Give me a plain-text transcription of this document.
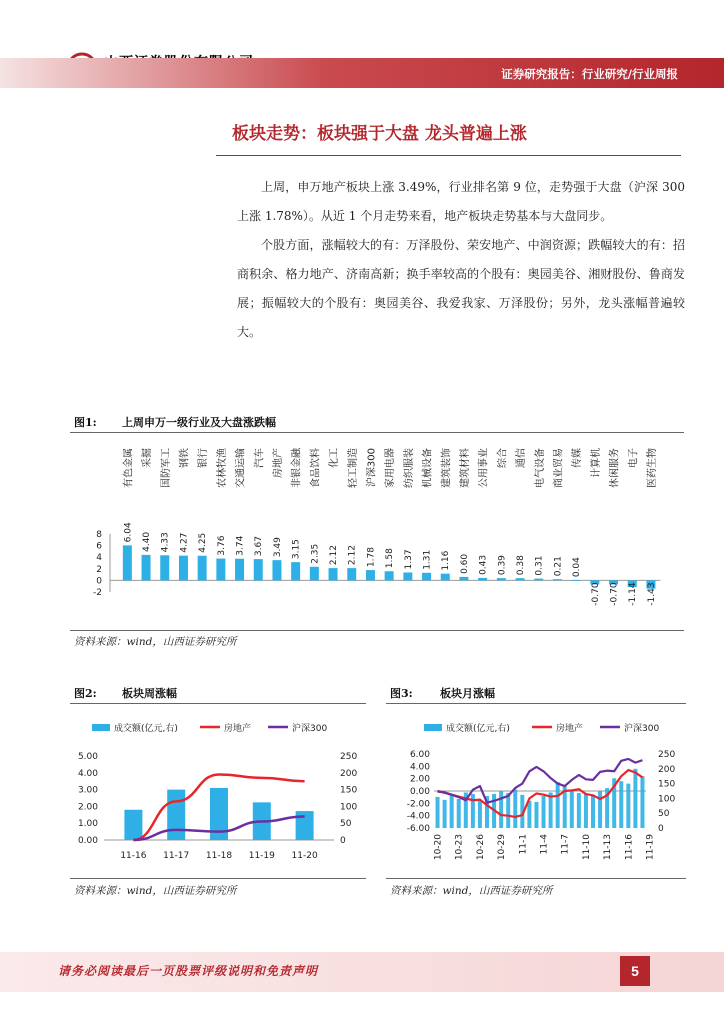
证券研究报告：行业研究/行业周报
板块走势：板块强于大盘 龙头普遍上涨
上周，申万地产板块上涨 3.49%，行业排名第 9 位，走势强于大盘（沪深 300 上涨 1.78%）。从近 1 个月走势来看，地产板块走势基本与大盘同步。
个股方面，涨幅较大的有：万泽股份、荣安地产、中润资源；跌幅较大的有：招商积余、格力地产、济南高新；换手率较高的个股有：奥园美谷、湘财股份、鲁商发展；振幅较大的个股有：奥园美谷、我爱我家、万泽股份；另外，龙头涨幅普遍较大。
图1: 上周申万一级行业及大盘涨跌幅
有色金属 采掘 国防军工 钢铁 银行 农林牧渔 交通运输 汽车 房地产 非银金融 食品饮料 化工 轻工制造 沪深300 家用电器 纺织服装 机械设备 建筑装饰 建筑材料 公用事业 综合 通信 电气设备 商业贸易 传媒 计算机 休闲服务 电子 医药生物
8
6
4
2
0
-2
6.04 4.40 4.33 4.27 4.25 3.76 3.74 3.67 3.49 3.15 2.35 2.12 2.12 1.78 1.58 1.37 1.31 1.16 0.60 0.43 0.39 0.38 0.31 0.21 0.04
-0.70 -0.70 -1.14 -1.43
资料来源：wind，山西证券研究所
图2: 板块周涨幅
成交额(亿元,右)	房地产	沪深300
5.00
4.00
3.00
2.00
1.00
0.00
250
200
150
100
50
0
11-16 11-17 11-18 11-19 11-20
资料来源：wind，山西证券研究所
图3: 板块月涨幅
成交额(亿元,右)	房地产	沪深300
6.00
4.00
2.00
0.00
-2.00
-4.00
-6.00
250
200
150
100
50
0
10-20 10-23 10-26 10-29 11-1 11-4 11-7 11-10 11-13 11-16 11-19
资料来源：wind，山西证券研究所
请务必阅读最后一页股票评级说明和免责声明	5
